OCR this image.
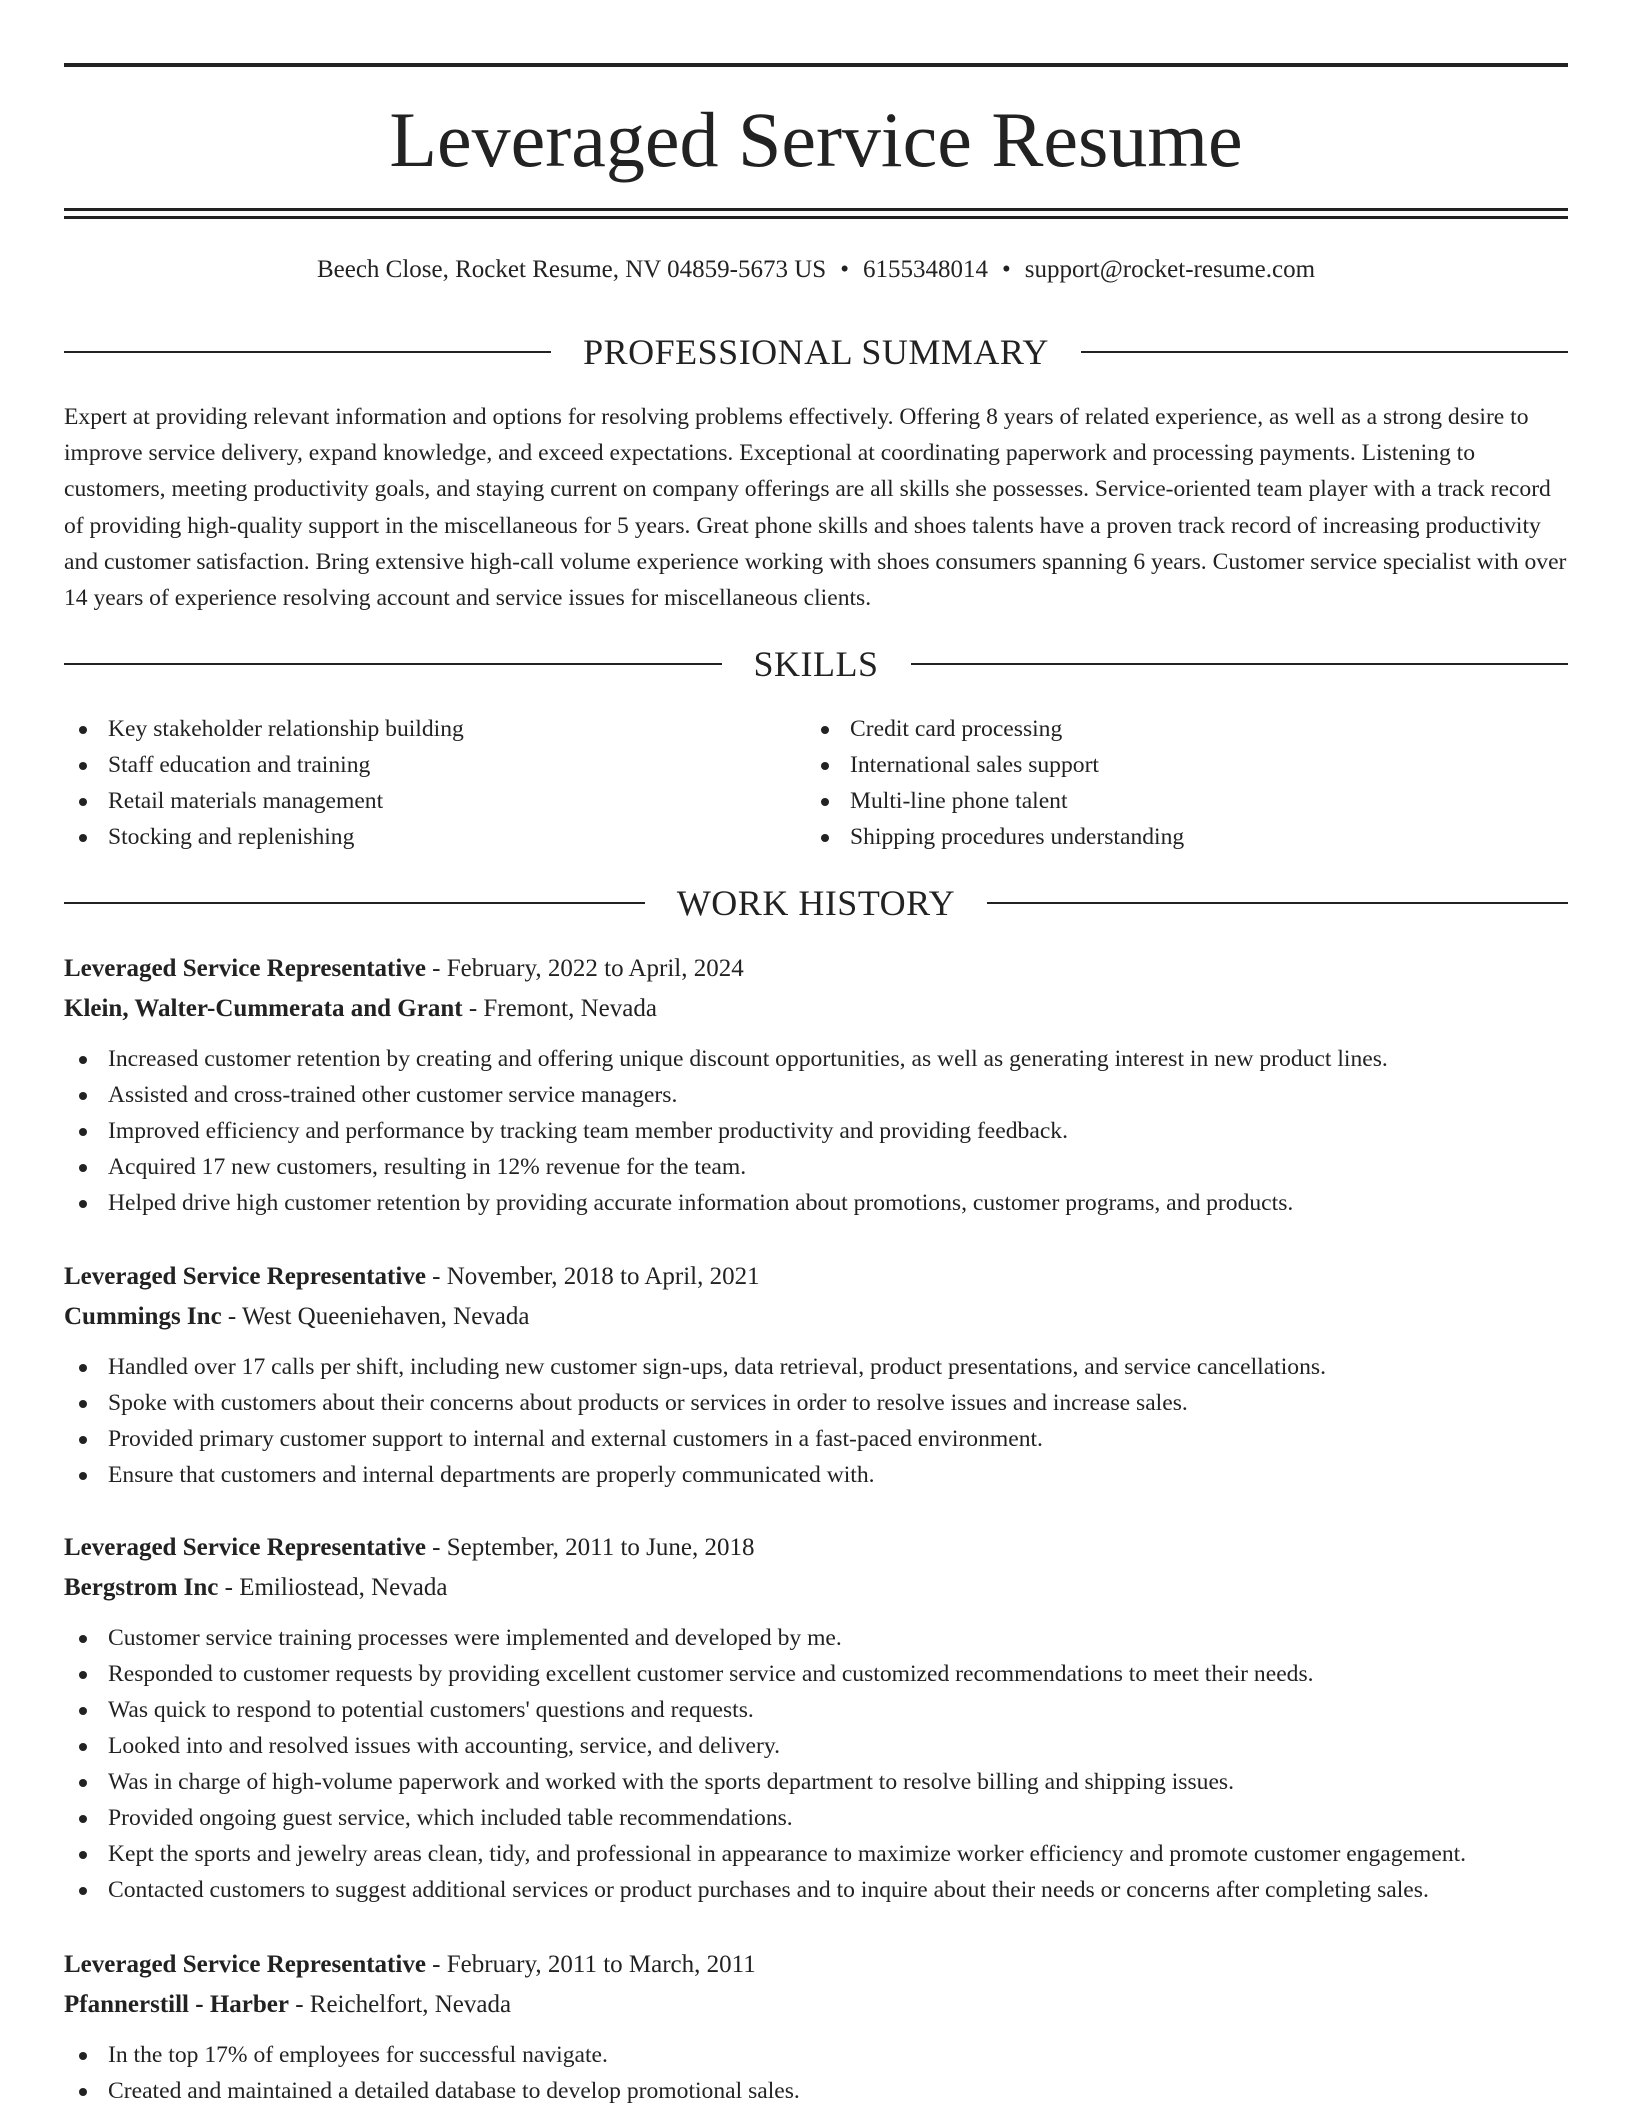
Leveraged Service Resume
Beech Close, Rocket Resume, NV 04859-5673 US • 6155348014 • support@rocket-resume.com
PROFESSIONAL SUMMARY

Expert at providing relevant information and options for resolving problems effectively. Offering 8 years of related experience, as well as a strong desire to improve service delivery, expand knowledge, and exceed expectations. Exceptional at coordinating paperwork and processing payments. Listening to customers, meeting productivity goals, and staying current on company offerings are all skills she possesses. Service-oriented team player with a track record of providing high-quality support in the miscellaneous for 5 years. Great phone skills and shoes talents have a proven track record of increasing productivity and customer satisfaction. Bring extensive high-call volume experience working with shoes consumers spanning 6 years. Customer service specialist with over 14 years of experience resolving account and service issues for miscellaneous clients.

SKILLS
Key stakeholder relationship building
Staff education and training
Retail materials management
Stocking and replenishing
Credit card processing
International sales support
Multi-line phone talent
Shipping procedures understanding
WORK HISTORY
Leveraged Service Representative - February, 2022 to April, 2024
Klein, Walter-Cummerata and Grant - Fremont, Nevada
Increased customer retention by creating and offering unique discount opportunities, as well as generating interest in new product lines.
Assisted and cross-trained other customer service managers.
Improved efficiency and performance by tracking team member productivity and providing feedback.
Acquired 17 new customers, resulting in 12% revenue for the team.
Helped drive high customer retention by providing accurate information about promotions, customer programs, and products.
Leveraged Service Representative - November, 2018 to April, 2021
Cummings Inc - West Queeniehaven, Nevada
Handled over 17 calls per shift, including new customer sign-ups, data retrieval, product presentations, and service cancellations.
Spoke with customers about their concerns about products or services in order to resolve issues and increase sales.
Provided primary customer support to internal and external customers in a fast-paced environment.
Ensure that customers and internal departments are properly communicated with.
Leveraged Service Representative - September, 2011 to June, 2018
Bergstrom Inc - Emiliostead, Nevada
Customer service training processes were implemented and developed by me.
Responded to customer requests by providing excellent customer service and customized recommendations to meet their needs.
Was quick to respond to potential customers' questions and requests.
Looked into and resolved issues with accounting, service, and delivery.
Was in charge of high-volume paperwork and worked with the sports department to resolve billing and shipping issues.
Provided ongoing guest service, which included table recommendations.
Kept the sports and jewelry areas clean, tidy, and professional in appearance to maximize worker efficiency and promote customer engagement.
Contacted customers to suggest additional services or product purchases and to inquire about their needs or concerns after completing sales.
Leveraged Service Representative - February, 2011 to March, 2011
Pfannerstill - Harber - Reichelfort, Nevada
In the top 17% of employees for successful navigate.
Created and maintained a detailed database to develop promotional sales.
